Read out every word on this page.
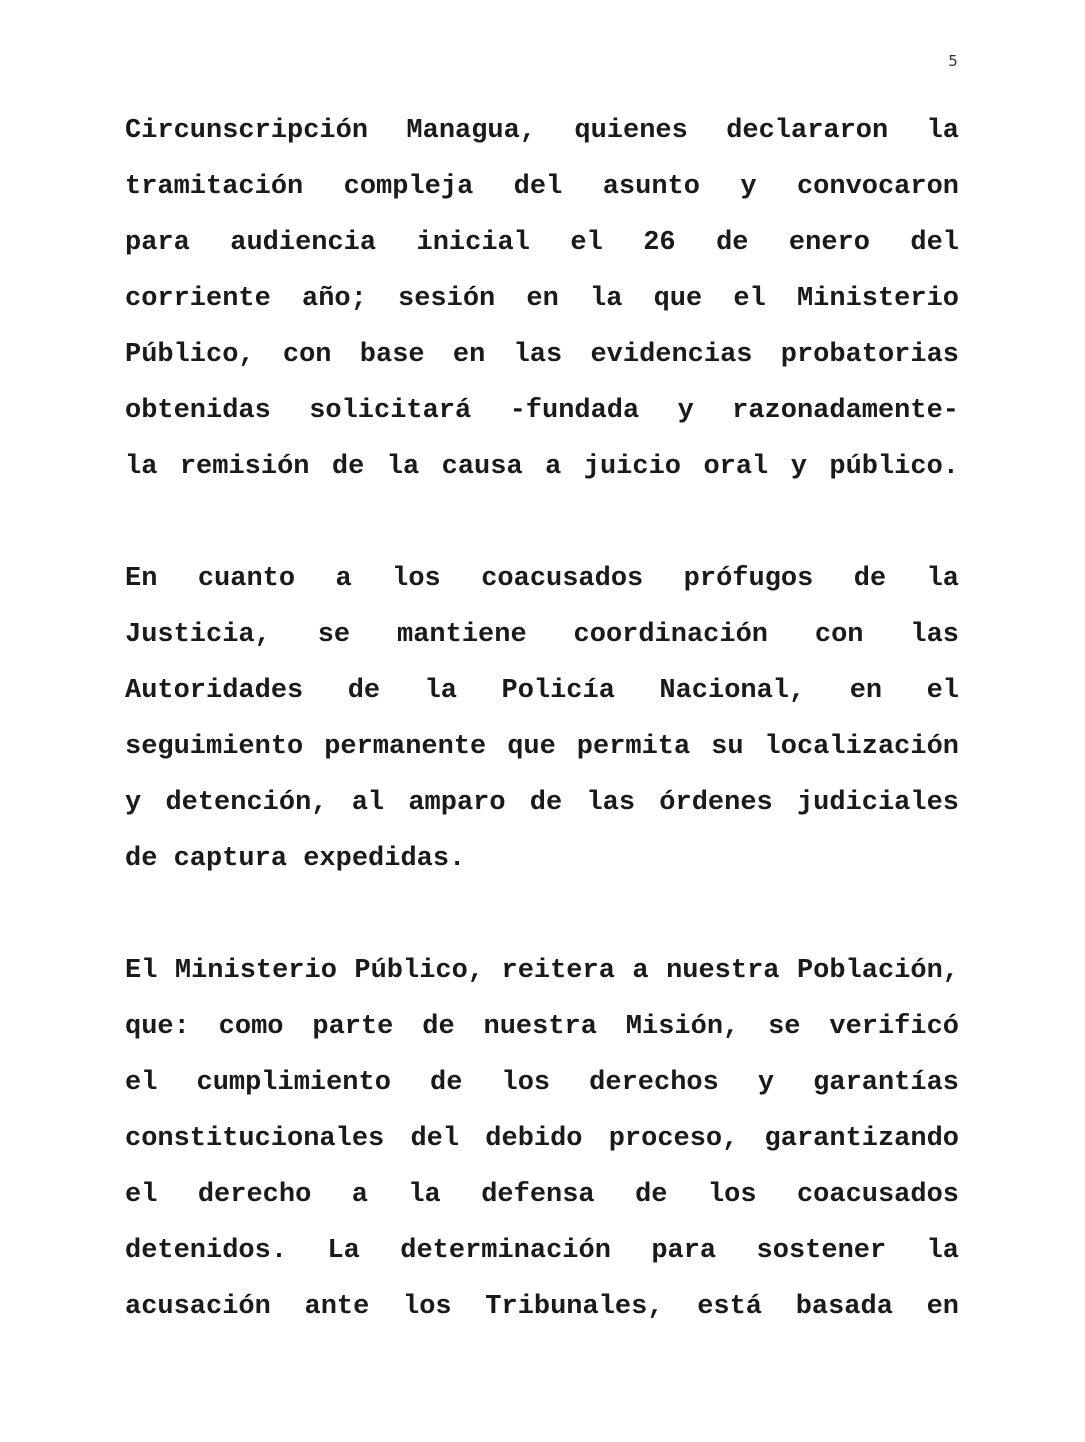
5
Circunscripción Managua, quienes declararon la
tramitación compleja del asunto y convocaron
para audiencia inicial el 26 de enero del
corriente año; sesión en la que el Ministerio
Público, con base en las evidencias probatorias
obtenidas solicitará -fundada y razonadamente-
la remisión de la causa a juicio oral y público.
En cuanto a los coacusados prófugos de la
Justicia, se mantiene coordinación con las
Autoridades de la Policía Nacional, en el
seguimiento permanente que permita su localización
y detención, al amparo de las órdenes judiciales
de captura expedidas.
El Ministerio Público, reitera a nuestra Población,
que: como parte de nuestra Misión, se verificó
el cumplimiento de los derechos y garantías
constitucionales del debido proceso, garantizando
el derecho a la defensa de los coacusados
detenidos. La determinación para sostener la
acusación ante los Tribunales, está basada en
